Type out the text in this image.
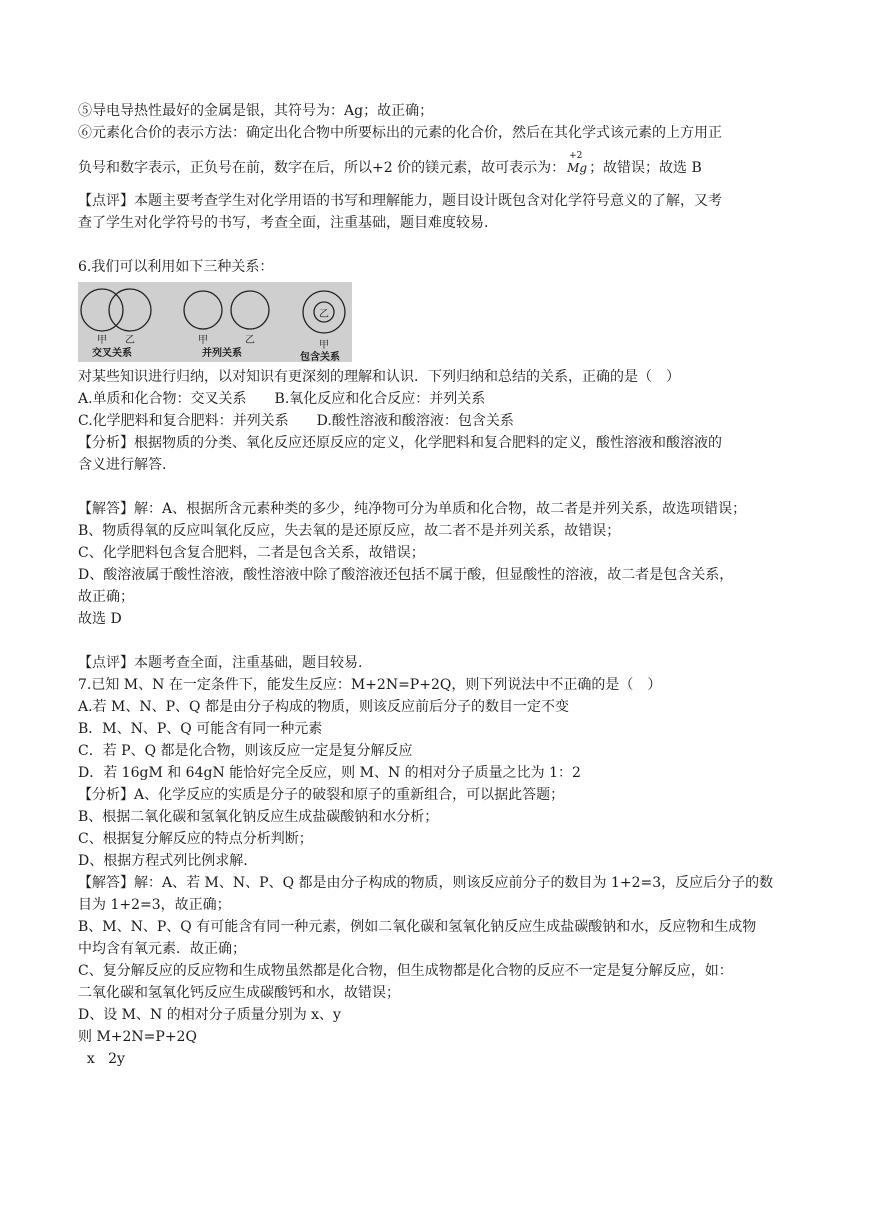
⑤导电导热性最好的金属是银，其符号为：Ag；故正确；
⑥元素化合价的表示方法：确定出化合物中所要标出的元素的化合价，然后在其化学式该元素的上方用正
负号和数字表示，正负号在前，数字在后，所以+2 价的镁元素，故可表示为：
+2
Mg ；故错误；故选 B
【点评】本题主要考查学生对化学用语的书写和理解能力，题目设计既包含对化学符号意义的了解，又考
查了学生对化学符号的书写，考查全面，注重基础，题目难度较易.
6.我们可以利用如下三种关系：
甲 乙
交叉关系
甲	乙
并列关系
乙
甲
包含关系
对某些知识进行归纳，以对知识有更深刻的理解和认识．下列归纳和总结的关系，正确的是（　）
A.单质和化合物：交叉关系　　B.氧化反应和化合反应：并列关系
C.化学肥料和复合肥料：并列关系　　D.酸性溶液和酸溶液：包含关系
【分析】根据物质的分类、氧化反应还原反应的定义，化学肥料和复合肥料的定义，酸性溶液和酸溶液的
含义进行解答.
【解答】解：A、根据所含元素种类的多少，纯净物可分为单质和化合物，故二者是并列关系，故选项错误；
B、物质得氧的反应叫氧化反应，失去氧的是还原反应，故二者不是并列关系，故错误；
C、化学肥料包含复合肥料，二者是包含关系，故错误；
D、酸溶液属于酸性溶液，酸性溶液中除了酸溶液还包括不属于酸，但显酸性的溶液，故二者是包含关系，
故正确；
故选 D
【点评】本题考查全面，注重基础，题目较易.
7.已知 M、N 在一定条件下，能发生反应：M+2N=P+2Q，则下列说法中不正确的是（　）
A.若 M、N、P、Q 都是由分子构成的物质，则该反应前后分子的数目一定不变
B．M、N、P、Q 可能含有同一种元素
C．若 P、Q 都是化合物，则该反应一定是复分解反应
D．若 16gM 和 64gN 能恰好完全反应，则 M、N 的相对分子质量之比为 1：2
【分析】A、化学反应的实质是分子的破裂和原子的重新组合，可以据此答题；
B、根据二氧化碳和氢氧化钠反应生成盐碳酸钠和水分析；
C、根据复分解反应的特点分析判断；
D、根据方程式列比例求解.
【解答】解：A、若 M、N、P、Q 都是由分子构成的物质，则该反应前分子的数目为 1+2=3，反应后分子的数
目为 1+2=3，故正确；
B、M、N、P、Q 有可能含有同一种元素，例如二氧化碳和氢氧化钠反应生成盐碳酸钠和水，反应物和生成物
中均含有氧元素．故正确；
C、复分解反应的反应物和生成物虽然都是化合物，但生成物都是化合物的反应不一定是复分解反应，如：
二氧化碳和氢氧化钙反应生成碳酸钙和水，故错误；
D、设 M、N 的相对分子质量分别为 x、y
则 M+2N=P+2Q
x   2y
